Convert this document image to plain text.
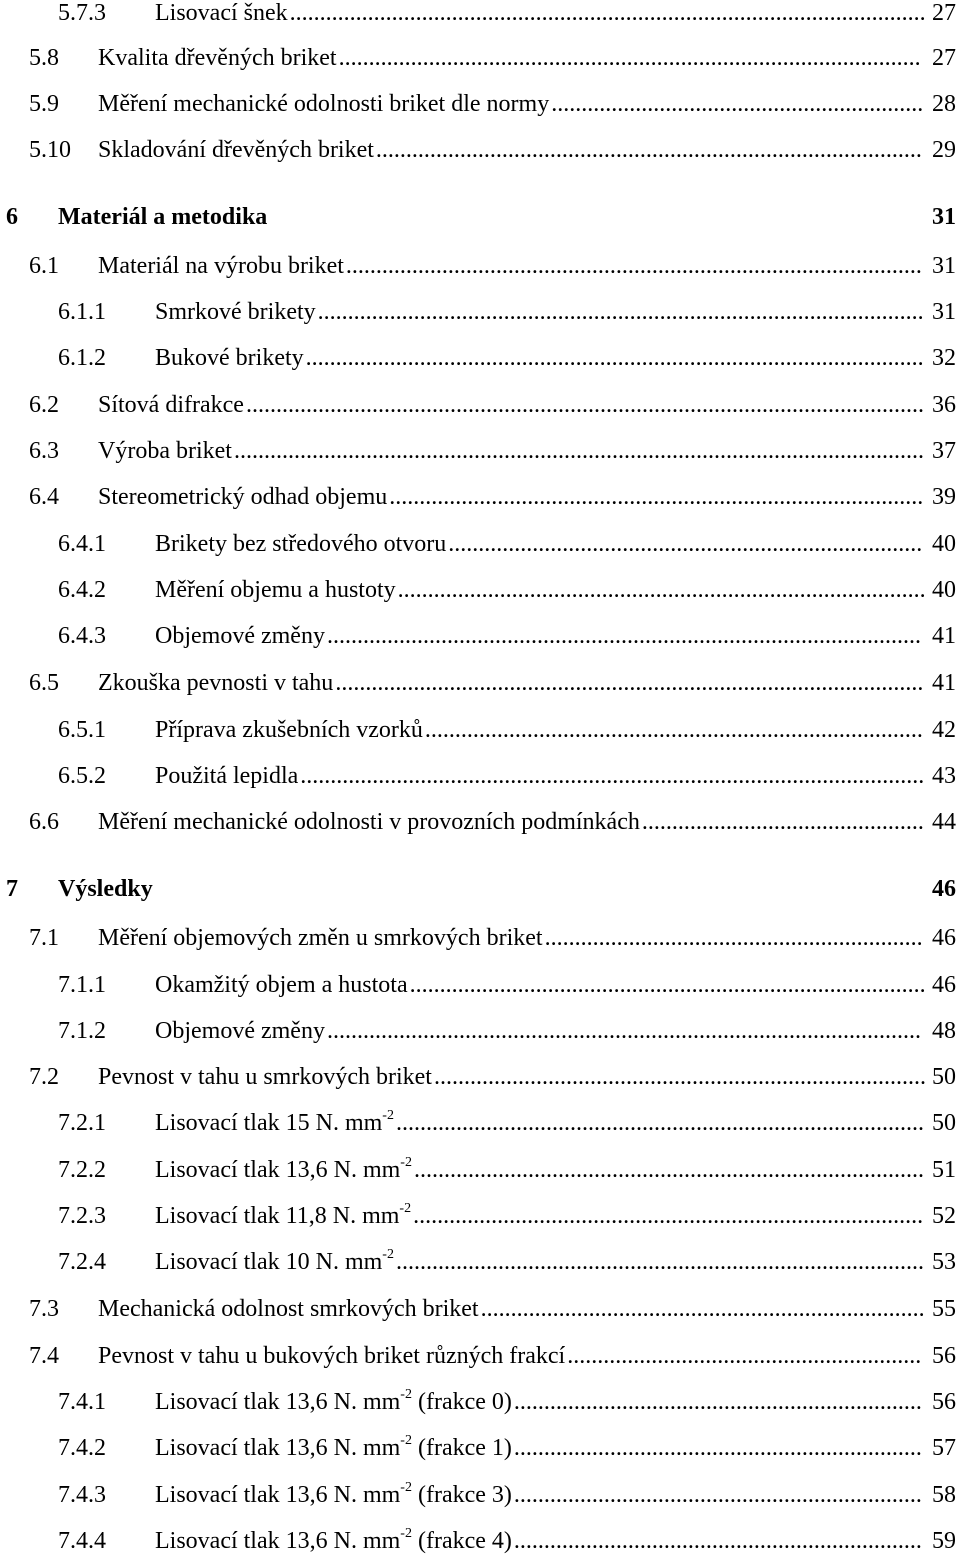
5.7.3 Lisovací šnek	27
..........................................................................................................
5.8 Kvalita dřevěných briket	27
.................................................................................................
5.9 Měření mechanické odolnosti briket dle normy	28
..............................................................
5.10 Skladování dřevěných briket	29
...........................................................................................
6 Materiál a metodika	31
6.1 Materiál na výrobu briket	31
................................................................................................
6.1.1 Smrkové brikety	31
.....................................................................................................
6.1.2 Bukové brikety	32
.......................................................................................................
6.2 Sítová difrakce	36
.................................................................................................................
6.3 Výroba briket	37
...................................................................................................................
6.4 Stereometrický odhad objemu	39
.........................................................................................
6.4.1 Brikety bez středového otvoru	40
...............................................................................
6.4.2 Měření objemu a hustoty	40
........................................................................................
6.4.3 Objemové změny	41
...................................................................................................
6.5 Zkouška pevnosti v tahu	41
..................................................................................................
6.5.1 Příprava zkušebních vzorků	42
...................................................................................
6.5.2 Použitá lepidla	43
........................................................................................................
6.6 Měření mechanické odolnosti v provozních podmínkách	44
...............................................
7 Výsledky	46
7.1 Měření objemových změn u smrkových briket	46
...............................................................
7.1.1 Okamžitý objem a hustota	46
......................................................................................
7.1.2 Objemové změny	48
...................................................................................................
7.2 Pevnost v tahu u smrkových briket	50
..................................................................................
7.2.1 Lisovací tlak 15 N. $mm^{-2}$	50
........................................................................................
7.2.2 Lisovací tlak 13,6 N. $mm^{-2}$	51
.....................................................................................
7.2.3 Lisovací tlak 11,8 N. $mm^{-2}$	52
.....................................................................................
7.2.4 Lisovací tlak 10 N. $mm^{-2}$	53
........................................................................................
7.3 Mechanická odolnost smrkových briket	55
..........................................................................
7.4 Pevnost v tahu u bukových briket různých frakcí	56
...........................................................
7.4.1 Lisovací tlak 13,6 N. $mm^{-2}$ (frakce 0)	56
....................................................................
7.4.2 Lisovací tlak 13,6 N. $mm^{-2}$ (frakce 1)	57
....................................................................
7.4.3 Lisovací tlak 13,6 N. $mm^{-2}$ (frakce 3)	58
....................................................................
7.4.4 Lisovací tlak 13,6 N. $mm^{-2}$ (frakce 4)	59
....................................................................
